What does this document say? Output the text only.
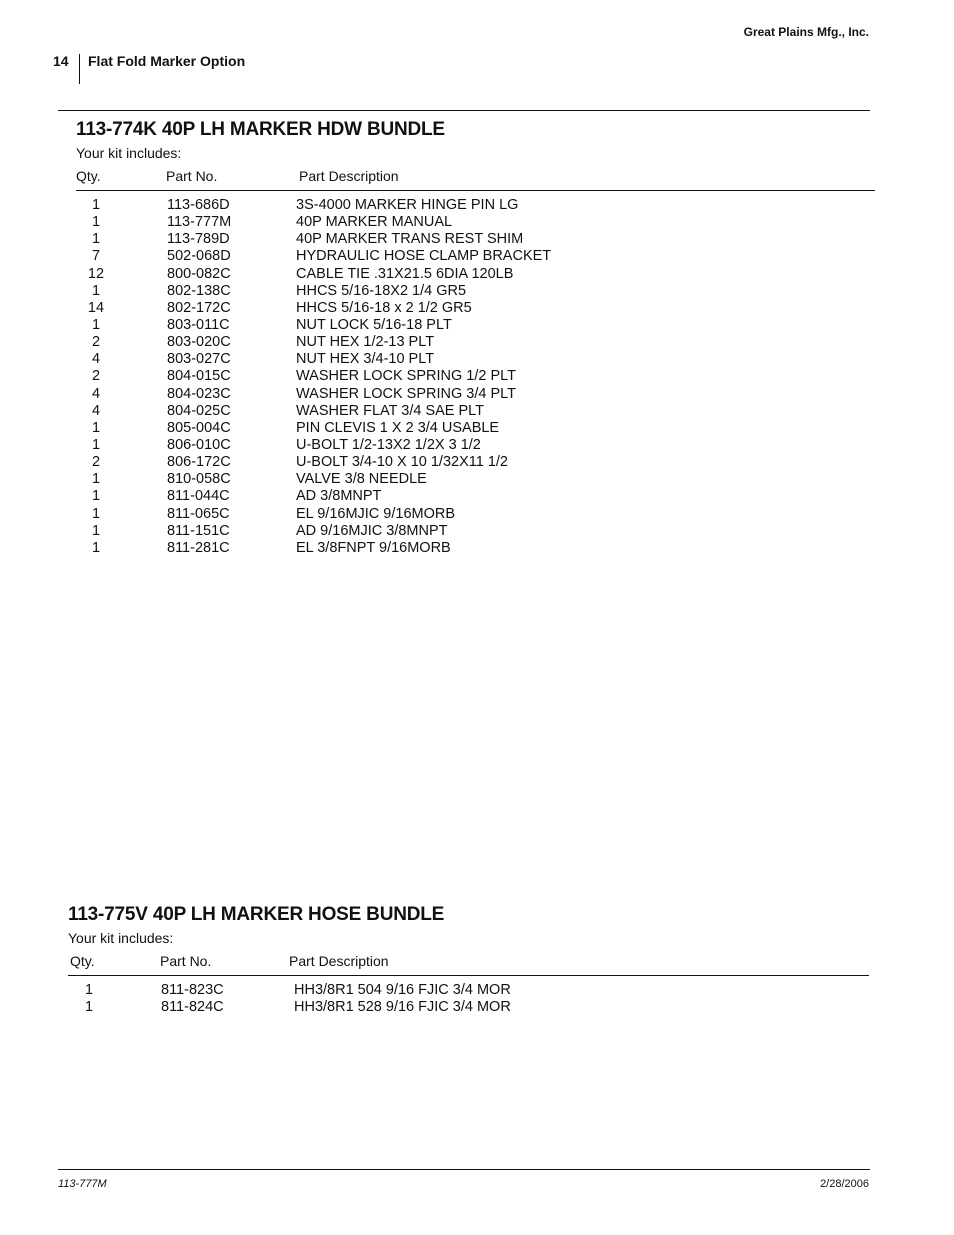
Great Plains Mfg., Inc.
14 Flat Fold Marker Option
113-774K 40P LH MARKER HDW BUNDLE
Your kit includes:
Qty.	Part No.	Part Description
1	113-686D	3S-4000 MARKER HINGE PIN LG
1	113-777M	40P MARKER MANUAL
1	113-789D	40P MARKER TRANS REST SHIM
7	502-068D	HYDRAULIC HOSE CLAMP BRACKET
12	800-082C	CABLE TIE .31X21.5 6DIA 120LB
1	802-138C	HHCS 5/16-18X2 1/4 GR5
14	802-172C	HHCS 5/16-18 x 2 1/2 GR5
1	803-011C	NUT LOCK 5/16-18 PLT
2	803-020C	NUT HEX 1/2-13 PLT
4	803-027C	NUT HEX 3/4-10 PLT
2	804-015C	WASHER LOCK SPRING 1/2 PLT
4	804-023C	WASHER LOCK SPRING 3/4 PLT
4	804-025C	WASHER FLAT 3/4 SAE PLT
1	805-004C	PIN CLEVIS 1 X 2 3/4 USABLE
1	806-010C	U-BOLT 1/2-13X2 1/2X 3 1/2
2	806-172C	U-BOLT 3/4-10 X 10 1/32X11 1/2
1	810-058C	VALVE 3/8 NEEDLE
1	811-044C	AD 3/8MNPT
1	811-065C	EL 9/16MJIC 9/16MORB
1	811-151C	AD 9/16MJIC 3/8MNPT
1	811-281C	EL 3/8FNPT 9/16MORB
113-775V 40P LH MARKER HOSE BUNDLE
Your kit includes:
Qty.	Part No.	Part Description
1	811-823C	HH3/8R1 504 9/16 FJIC 3/4 MOR
1	811-824C	HH3/8R1 528 9/16 FJIC 3/4 MOR
113-777M	2/28/2006
